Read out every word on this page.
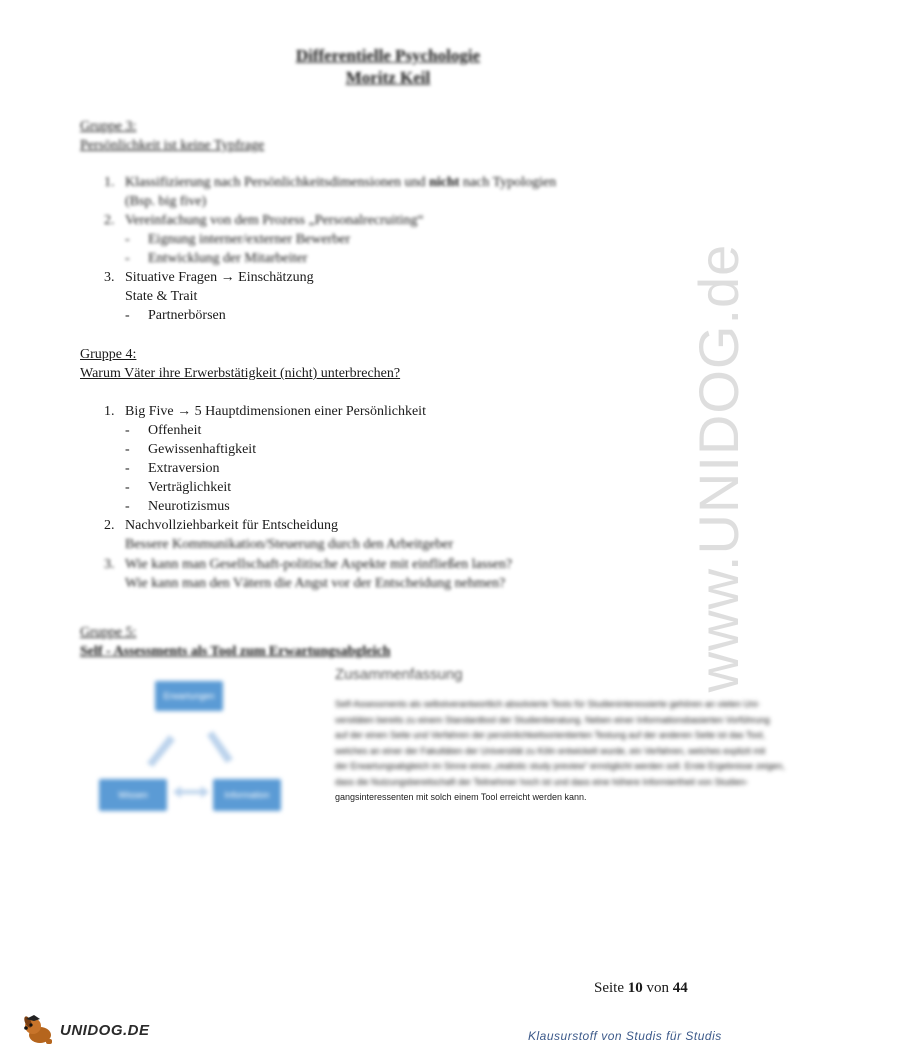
www.UNIDOG.de
Differentielle Psychologie
Moritz Keil
Gruppe 3:
Persönlichkeit ist keine Typfrage
1. Klassifizierung nach Persönlichkeitsdimensionen und nicht nach Typologien
(Bsp. big five)
2. Vereinfachung von dem Prozess „Personalrecruiting“
- Eignung interner/externer Bewerber
- Entwicklung der Mitarbeiter
3. Situative Fragen → Einschätzung
State & Trait
- Partnerbörsen
Gruppe 4:
Warum Väter ihre Erwerbstätigkeit (nicht) unterbrechen?
1. Big Five → 5 Hauptdimensionen einer Persönlichkeit
- Offenheit
- Gewissenhaftigkeit
- Extraversion
- Verträglichkeit
- Neurotizismus
2. Nachvollziehbarkeit für Entscheidung
Bessere Kommunikation/Steuerung durch den Arbeitgeber
3. Wie kann man Gesellschaft-politische Aspekte mit einfließen lassen?
Wie kann man den Vätern die Angst vor der Entscheidung nehmen?
Gruppe 5:
Self - Assessments als Tool zum Erwartungsabgleich
Erwartungen
Wissen	Information
Zusammenfassung
Self-Assessments als selbstverantwortlich absolvierte Tests für Studieninteressierte gehören an vielen Uni-
versitäten bereits zu einem Standardtool der Studienberatung. Neben einer Informationsbasierten Vorführung
auf der einen Seite und Verfahren der persönlichkeitsorientierten Testung auf der anderen Seite ist das Tool,
welches an einer der Fakultäten der Universität zu Köln entwickelt wurde, ein Verfahren, welches explizit mit
der Erwartungsabgleich im Sinne eines „realistic study preview“ ermöglicht werden soll. Erste Ergebnisse zeigen,
dass die Nutzungsbereitschaft der Teilnehmer hoch ist und dass eine höhere Informiertheit von Studien-
gangsinteressenten mit solch einem Tool erreicht werden kann.
Seite 10 von 44
UNIDOG.DE	Klausurstoff von Studis für Studis
